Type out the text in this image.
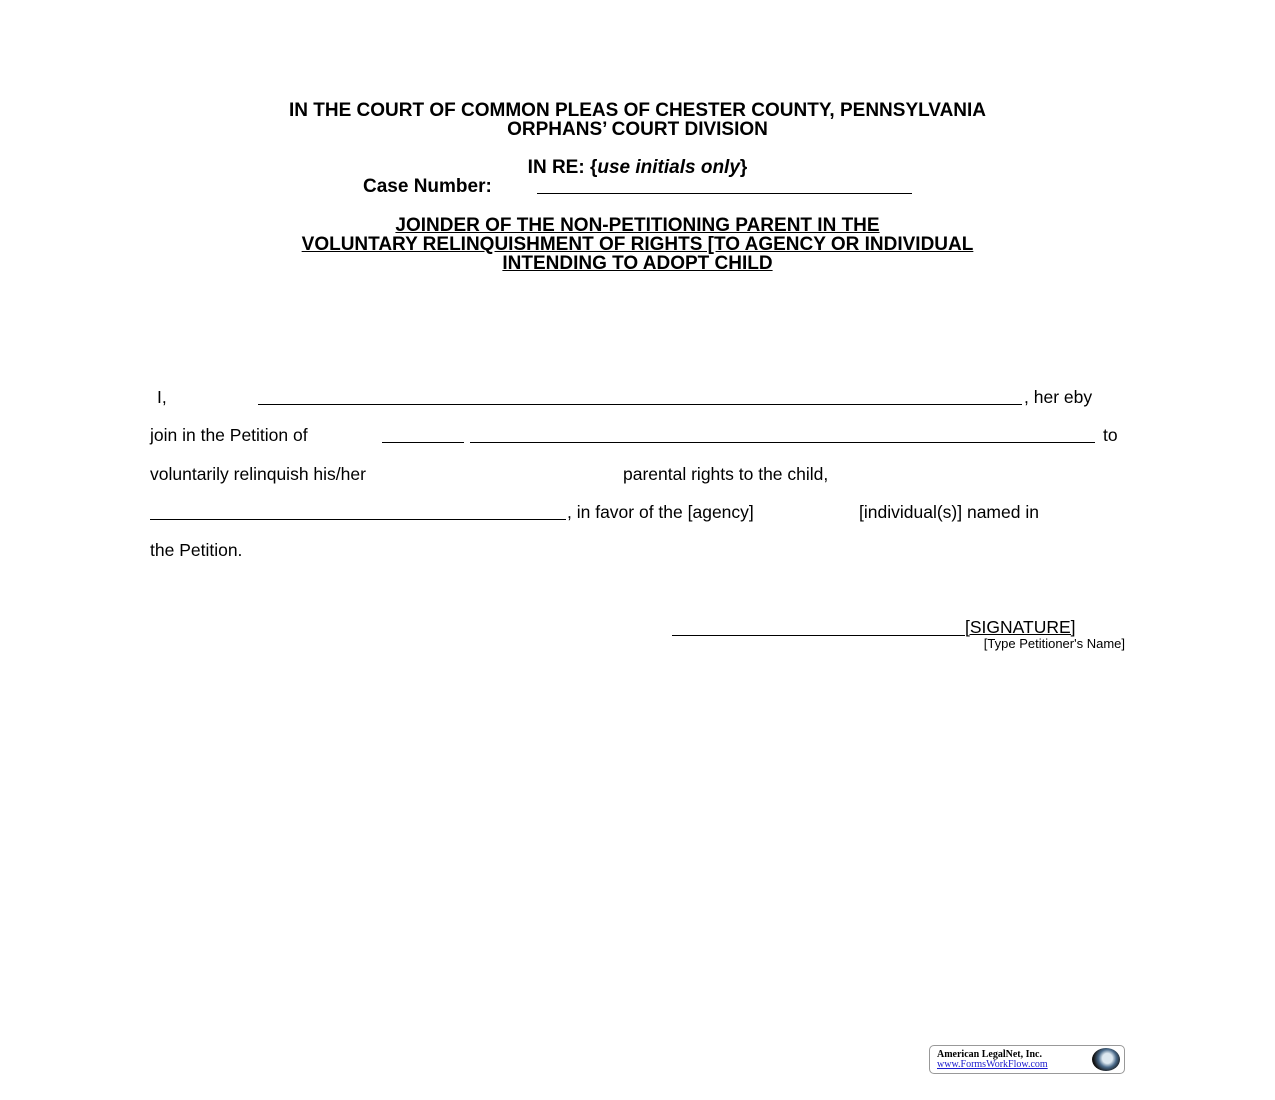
IN THE COURT OF COMMON PLEAS OF CHESTER COUNTY, PENNSYLVANIA
ORPHANS’ COURT DIVISION
IN RE: {use initials only}
Case Number:
JOINDER OF THE NON-PETITIONING PARENT IN THE
VOLUNTARY RELINQUISHMENT OF RIGHTS [TO AGENCY OR INDIVIDUAL
INTENDING TO ADOPT CHILD
I,	, her eby
join in the Petition of	to
voluntarily relinquish his/her	parental rights to the child,
, in favor of the [agency]	[individual(s)] named in
the Petition.
[SIGNATURE]
[Type Petitioner's Name]
American LegalNet, Inc.
www.FormsWorkFlow.com
